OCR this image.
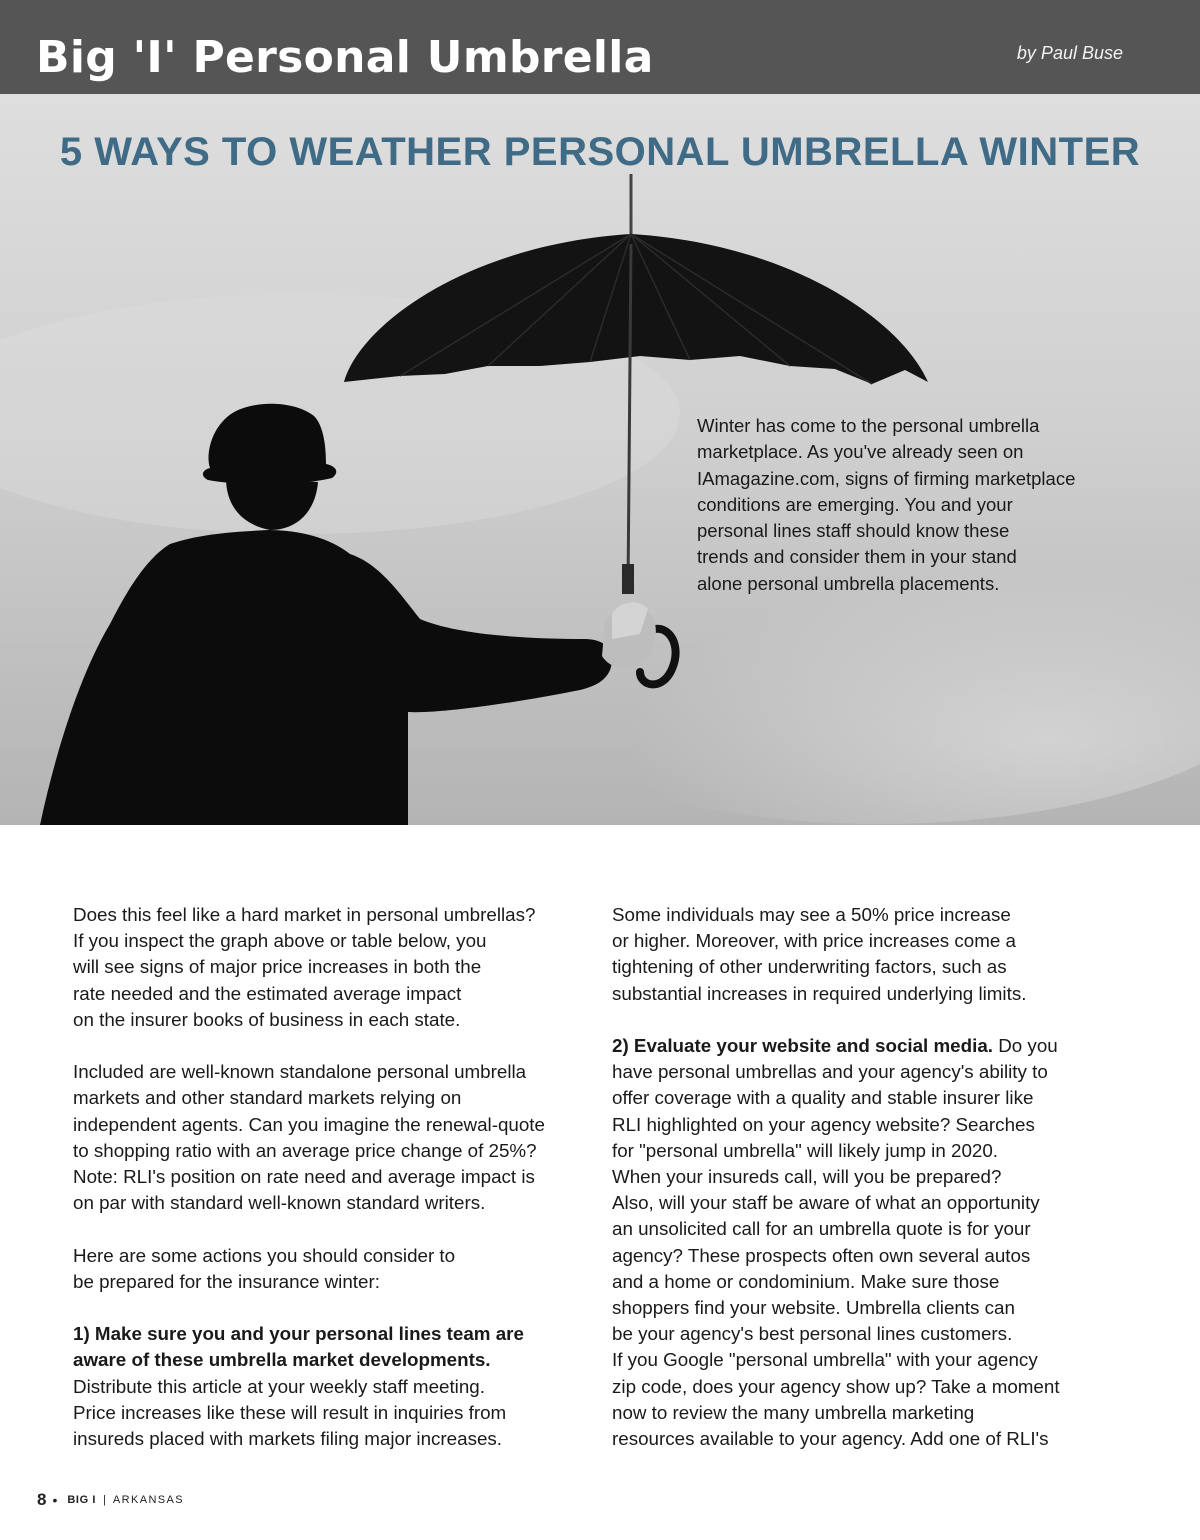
Big 'I' Personal Umbrella	by Paul Buse
5 WAYS TO WEATHER PERSONAL UMBRELLA WINTER
Winter has come to the personal umbrella
marketplace. As you've already seen on
IAmagazine.com, signs of firming marketplace
conditions are emerging. You and your
personal lines staff should know these
trends and consider them in your stand
alone personal umbrella placements.

Does this feel like a hard market in personal umbrellas?
If you inspect the graph above or table below, you
will see signs of major price increases in both the
rate needed and the estimated average impact
on the insurer books of business in each state.

Included are well-known standalone personal umbrella
markets and other standard markets relying on
independent agents. Can you imagine the renewal-quote
to shopping ratio with an average price change of 25%?
Note: RLI's position on rate need and average impact is
on par with standard well-known standard writers.

Here are some actions you should consider to
be prepared for the insurance winter:

1) Make sure you and your personal lines team are
aware of these umbrella market developments.
Distribute this article at your weekly staff meeting.
Price increases like these will result in inquiries from
insureds placed with markets filing major increases.

Some individuals may see a 50% price increase
or higher. Moreover, with price increases come a
tightening of other underwriting factors, such as
substantial increases in required underlying limits.

2) Evaluate your website and social media. Do you
have personal umbrellas and your agency's ability to
offer coverage with a quality and stable insurer like
RLI highlighted on your agency website? Searches
for "personal umbrella" will likely jump in 2020.
When your insureds call, will you be prepared?
Also, will your staff be aware of what an opportunity
an unsolicited call for an umbrella quote is for your
agency? These prospects often own several autos
and a home or condominium. Make sure those
shoppers find your website. Umbrella clients can
be your agency's best personal lines customers.
If you Google "personal umbrella" with your agency
zip code, does your agency show up? Take a moment
now to review the many umbrella marketing
resources available to your agency. Add one of RLI's

8 • BIG I | ARKANSAS
